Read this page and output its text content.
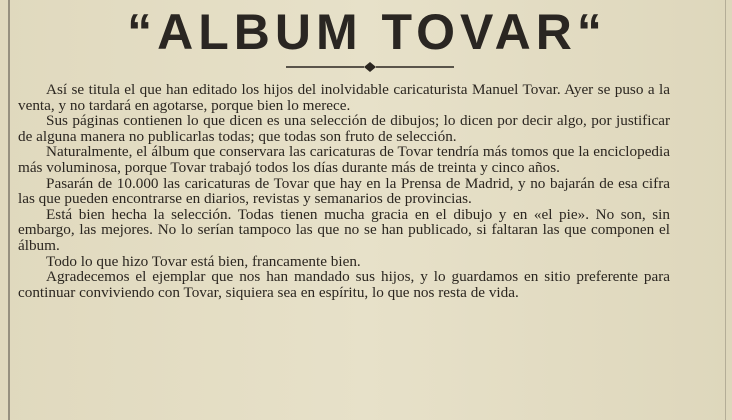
“ALBUM TOVAR“

Así se titula el que han editado los hijos del inolvidable caricaturista Manuel Tovar. Ayer se puso a la venta, y no tardará en agotarse, porque bien lo merece.

Sus páginas contienen lo que dicen es una selección de dibujos; lo dicen por decir algo, por justificar de alguna manera no publicarlas todas; que todas son fruto de selección.

Naturalmente, el álbum que conservara las caricaturas de Tovar tendría más tomos que la enciclopedia más voluminosa, porque Tovar trabajó todos los días durante más de treinta y cinco años.

Pasarán de 10.000 las caricaturas de Tovar que hay en la Prensa de Madrid, y no bajarán de esa cifra las que pueden encontrarse en diarios, revistas y semanarios de provincias.

Está bien hecha la selección. Todas tienen mucha gracia en el dibujo y en «el pie». No son, sin embargo, las mejores. No lo serían tampoco las que no se han publicado, si faltaran las que componen el álbum.

Todo lo que hizo Tovar está bien, francamente bien.

Agradecemos el ejemplar que nos han mandado sus hijos, y lo guardamos en sitio preferente para continuar conviviendo con Tovar, siquiera sea en espíritu, lo que nos resta de vida.
